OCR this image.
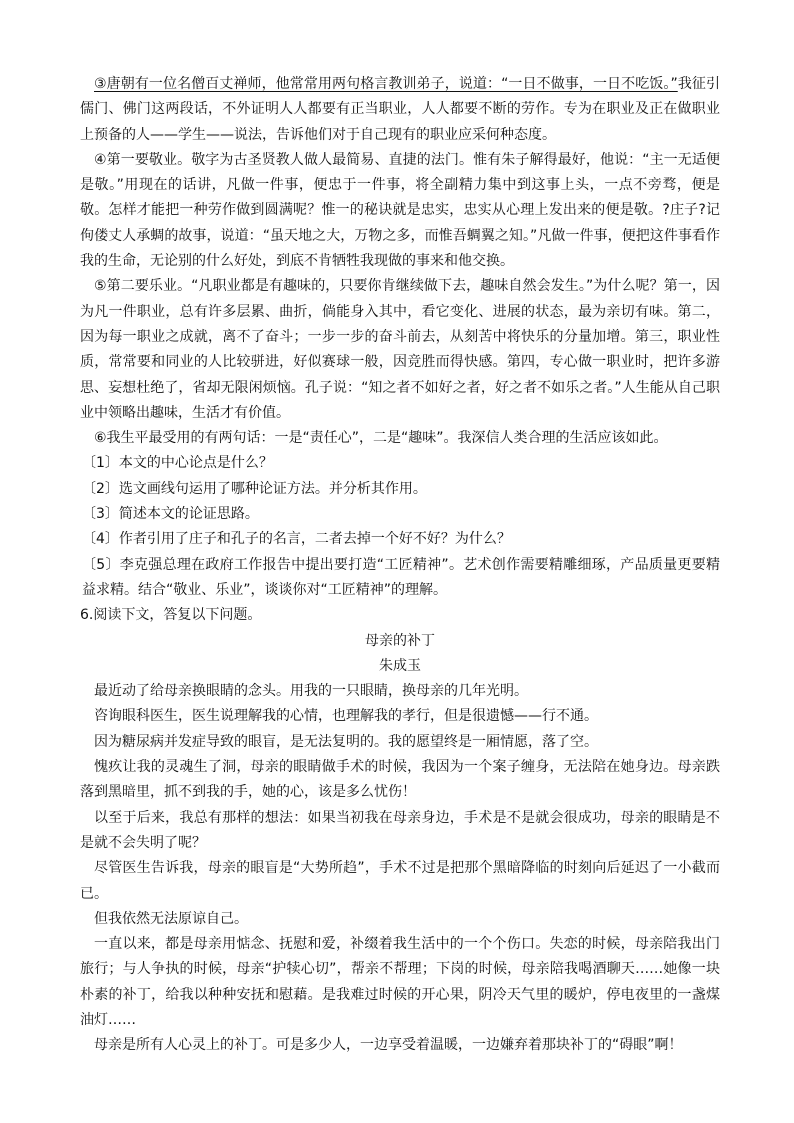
③唐朝有一位名僧百丈禅师，他常常用两句格言教训弟子，说道：“一日不做事，一日不吃饭。”我征引儒门、佛门这两段话，不外证明人人都要有正当职业，人人都要不断的劳作。专为在职业及正在做职业上预备的人——学生——说法，告诉他们对于自己现有的职业应采何种态度。

④第一要敬业。敬字为古圣贤教人做人最简易、直捷的法门。惟有朱子解得最好，他说：“主一无适便是敬。”用现在的话讲，凡做一件事，便忠于一件事，将全副精力集中到这事上头，一点不旁骛，便是敬。怎样才能把一种劳作做到圆满呢？惟一的秘诀就是忠实，忠实从心理上发出来的便是敬。?庄子?记佝偻丈人承蜩的故事，说道：“虽天地之大，万物之多，而惟吾蜩翼之知。”凡做一件事，便把这件事看作我的生命，无论别的什么好处，到底不肯牺牲我现做的事来和他交换。

⑤第二要乐业。“凡职业都是有趣味的，只要你肯继续做下去，趣味自然会发生。”为什么呢？第一，因为凡一件职业，总有许多层累、曲折，倘能身入其中，看它变化、进展的状态，最为亲切有味。第二，因为每一职业之成就，离不了奋斗；一步一步的奋斗前去，从刻苦中将快乐的分量加增。第三，职业性质，常常要和同业的人比较骈进，好似赛球一般，因竞胜而得快感。第四，专心做一职业时，把许多游思、妄想杜绝了，省却无限闲烦恼。孔子说：“知之者不如好之者，好之者不如乐之者。”人生能从自己职业中领略出趣味，生活才有价值。

⑥我生平最受用的有两句话：一是“责任心”，二是“趣味”。我深信人类合理的生活应该如此。

〔1〕本文的中心论点是什么？

〔2〕选文画线句运用了哪种论证方法。并分析其作用。

〔3〕简述本文的论证思路。

〔4〕作者引用了庄子和孔子的名言，二者去掉一个好不好？为什么？

〔5〕李克强总理在政府工作报告中提出要打造“工匠精神”。艺术创作需要精雕细琢，产品质量更要精益求精。结合“敬业、乐业”，谈谈你对“工匠精神”的理解。

6.阅读下文，答复以下问题。

母亲的补丁

朱成玉

最近动了给母亲换眼睛的念头。用我的一只眼睛，换母亲的几年光明。

咨询眼科医生，医生说理解我的心情，也理解我的孝行，但是很遗憾——行不通。

因为糖尿病并发症导致的眼盲，是无法复明的。我的愿望终是一厢情愿，落了空。

愧疚让我的灵魂生了洞，母亲的眼睛做手术的时候，我因为一个案子缠身，无法陪在她身边。母亲跌落到黑暗里，抓不到我的手，她的心，该是多么忧伤！

以至于后来，我总有那样的想法：如果当初我在母亲身边，手术是不是就会很成功，母亲的眼睛是不是就不会失明了呢？

尽管医生告诉我，母亲的眼盲是“大势所趋”，手术不过是把那个黑暗降临的时刻向后延迟了一小截而已。

但我依然无法原谅自己。

一直以来，都是母亲用惦念、抚慰和爱，补缀着我生活中的一个个伤口。失恋的时候，母亲陪我出门旅行；与人争执的时候，母亲“护犊心切”，帮亲不帮理；下岗的时候，母亲陪我喝酒聊天……她像一块朴素的补丁，给我以种种安抚和慰藉。是我难过时候的开心果，阴冷天气里的暖炉，停电夜里的一盏煤油灯……

母亲是所有人心灵上的补丁。可是多少人，一边享受着温暖，一边嫌弃着那块补丁的“碍眼”啊！
